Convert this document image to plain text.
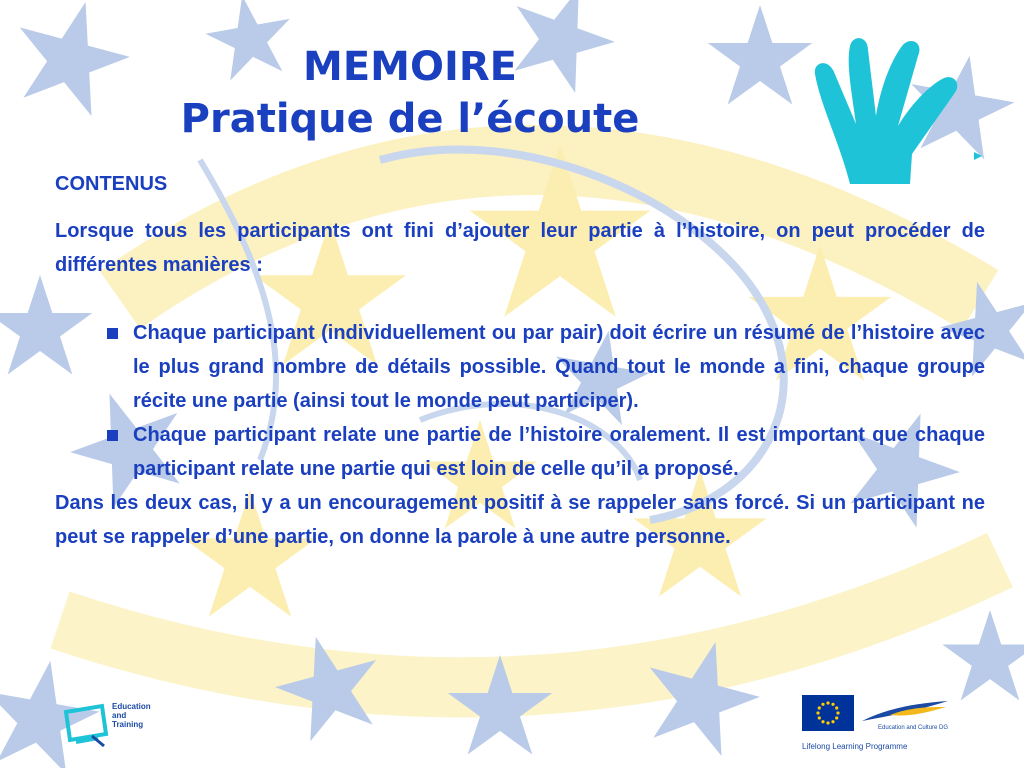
MEMOIRE
Pratique de l’écoute

CONTENUS

Lorsque tous les participants ont fini d’ajouter leur partie à l’histoire, on peut procéder de différentes manières :

Chaque participant (individuellement ou par pair) doit écrire un résumé de l’histoire avec le plus grand nombre de détails possible. Quand tout le monde a fini, chaque groupe récite une partie (ainsi tout le monde peut participer).
Chaque participant relate une partie de l’histoire oralement. Il est important que chaque participant relate une partie qui est loin de celle qu’il a proposé.

Dans les deux cas, il y a un encouragement positif à se rappeler sans forcé. Si un participant ne peut se rappeler d’une partie, on donne la parole à une autre personne.

Education
and
Training	Education and Culture DG
Lifelong Learning Programme
